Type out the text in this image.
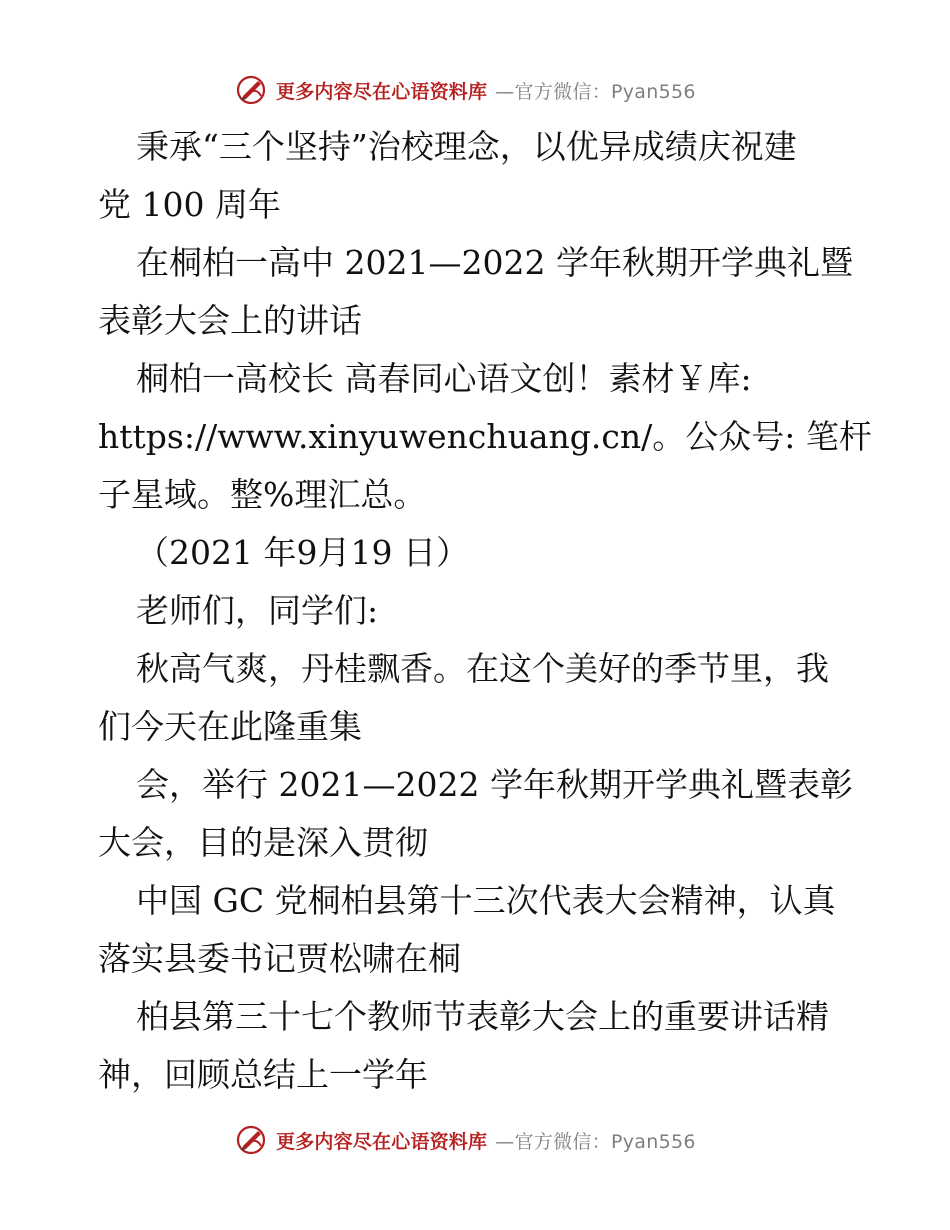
更多内容尽在心语资料库 —官方微信：Pyan556
秉承“三个坚持”治校理念，以优异成绩庆祝建
党 100 周年
在桐柏一高中 2021—2022 学年秋期开学典礼暨
表彰大会上的讲话
桐柏一高校长 高春同心语文创！素材￥库:
https://www.xinyuwenchuang.cn/。公众号: 笔杆
子星域。整%理汇总。
（2021 年9月19 日）
老师们，同学们:
秋高气爽，丹桂飘香。在这个美好的季节里，我
们今天在此隆重集
会，举行 2021—2022 学年秋期开学典礼暨表彰
大会，目的是深入贯彻
中国 GC 党桐柏县第十三次代表大会精神，认真
落实县委书记贾松啸在桐
柏县第三十七个教师节表彰大会上的重要讲话精
神，回顾总结上一学年
更多内容尽在心语资料库 —官方微信：Pyan556
